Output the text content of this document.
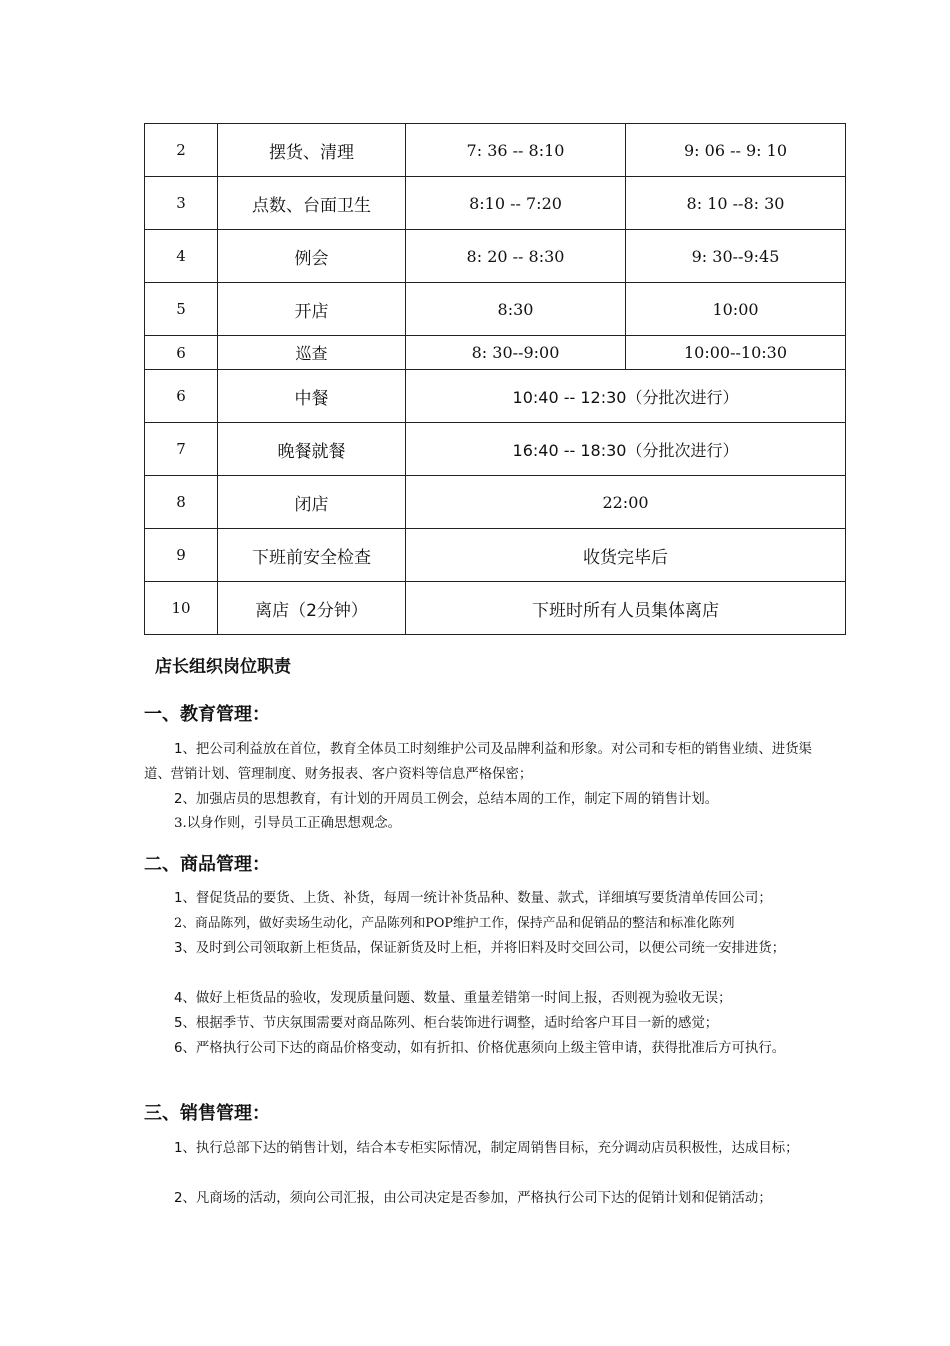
2	摆货、清理	7: 36 -- 8:10	9: 06 -- 9: 10
3	点数、台面卫生	8:10 -- 7:20	8: 10 --8: 30
4	例会	8: 20 -- 8:30	9: 30--9:45
5	开店	8:30	10:00
6	巡查	8: 30--9:00	10:00--10:30
6	中餐	10:40 -- 12:30（分批次进行）	
7	晚餐就餐	16:40 -- 18:30（分批次进行）	
8	闭店	22:00	
9	下班前安全检查	收货完毕后	
10	离店（2分钟）	下班时所有人员集体离店	
店长组织岗位职责
一、教育管理：
1、把公司利益放在首位，教育全体员工时刻维护公司及品牌利益和形象。对公司和专柜的销售业绩、进货渠道、营销计划、管理制度、财务报表、客户资料等信息严格保密；
2、加强店员的思想教育，有计划的开周员工例会，总结本周的工作，制定下周的销售计划。
3.以身作则，引导员工正确思想观念。
二、商品管理：
1、督促货品的要货、上货、补货，每周一统计补货品种、数量、款式，详细填写要货清单传回公司；
2、商品陈列，做好卖场生动化，产品陈列和POP维护工作，保持产品和促销品的整洁和标准化陈列
3、及时到公司领取新上柜货品，保证新货及时上柜，并将旧料及时交回公司，以便公司统一安排进货；
4、做好上柜货品的验收，发现质量问题、数量、重量差错第一时间上报，否则视为验收无误；
5、根据季节、节庆氛围需要对商品陈列、柜台装饰进行调整，适时给客户耳目一新的感觉；
6、严格执行公司下达的商品价格变动，如有折扣、价格优惠须向上级主管申请，获得批准后方可执行。
三、销售管理：
1、执行总部下达的销售计划，结合本专柜实际情况，制定周销售目标，充分调动店员积极性，达成目标；
2、凡商场的活动，须向公司汇报，由公司决定是否参加，严格执行公司下达的促销计划和促销活动；
